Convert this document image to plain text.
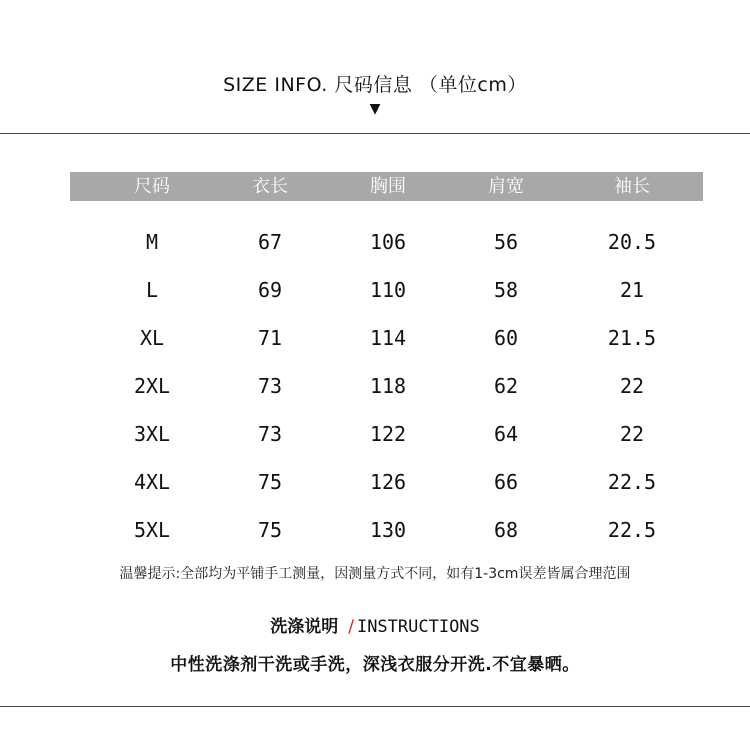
SIZE INFO. 尺码信息 （单位cm）
▼
尺码	衣长	胸围	肩宽	袖长
M	67	106	56	20.5
L	69	110	58	21
XL	71	114	60	21.5
2XL	73	118	62	22
3XL	73	122	64	22
4XL	75	126	66	22.5
5XL	75	130	68	22.5
温馨提示:全部均为平铺手工测量，因测量方式不同，如有1-3cm误差皆属合理范围
洗涤说明 / INSTRUCTIONS
中性洗涤剂干洗或手洗，深浅衣服分开洗.不宜暴晒。
